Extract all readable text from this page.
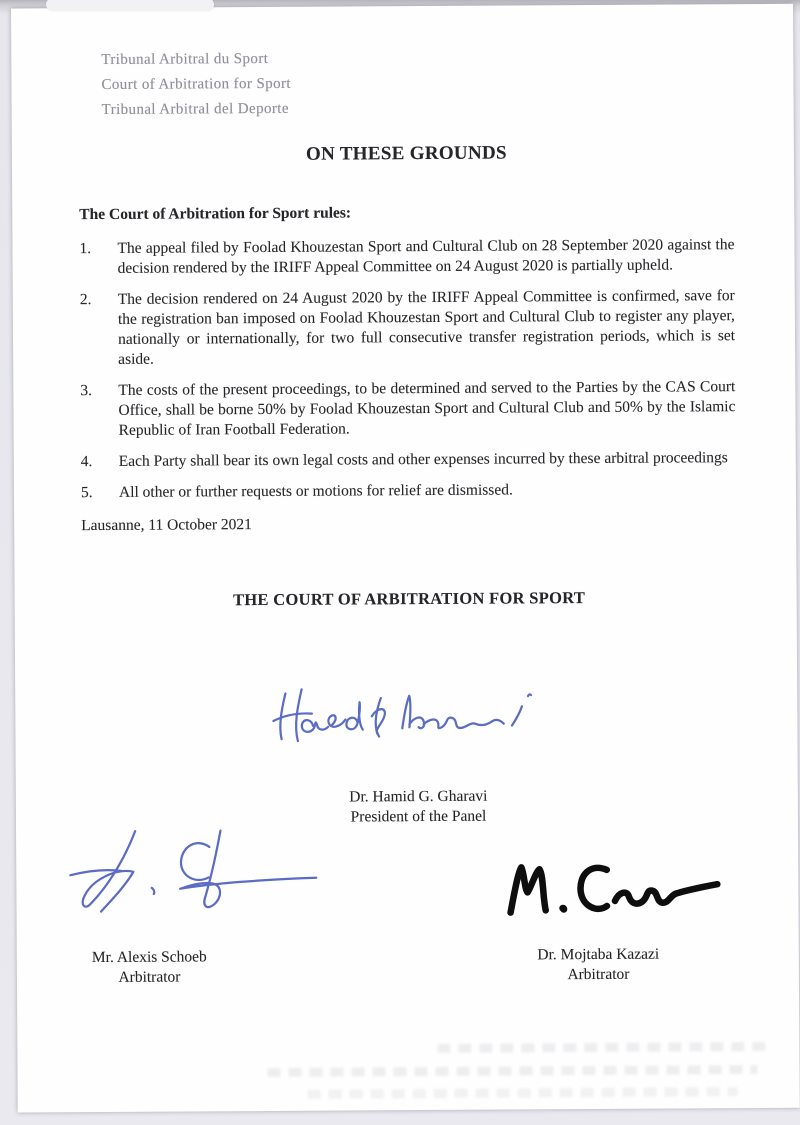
Tribunal Arbitral du Sport
Court of Arbitration for Sport
Tribunal Arbitral del Deporte
ON THESE GROUNDS
The Court of Arbitration for Sport rules:
1. The appeal filed by Foolad Khouzestan Sport and Cultural Club on 28 September 2020 against the decision rendered by the IRIFF Appeal Committee on 24 August 2020 is partially upheld.
2. The decision rendered on 24 August 2020 by the IRIFF Appeal Committee is confirmed, save for the registration ban imposed on Foolad Khouzestan Sport and Cultural Club to register any player, nationally or internationally, for two full consecutive transfer registration periods, which is set aside.
3. The costs of the present proceedings, to be determined and served to the Parties by the CAS Court Office, shall be borne 50% by Foolad Khouzestan Sport and Cultural Club and 50% by the Islamic Republic of Iran Football Federation.
4. Each Party shall bear its own legal costs and other expenses incurred by these arbitral proceedings
5. All other or further requests or motions for relief are dismissed.
Lausanne, 11 October 2021
THE COURT OF ARBITRATION FOR SPORT
Dr. Hamid G. Gharavi
President of the Panel
Mr. Alexis Schoeb
Arbitrator
Dr. Mojtaba Kazazi
Arbitrator
